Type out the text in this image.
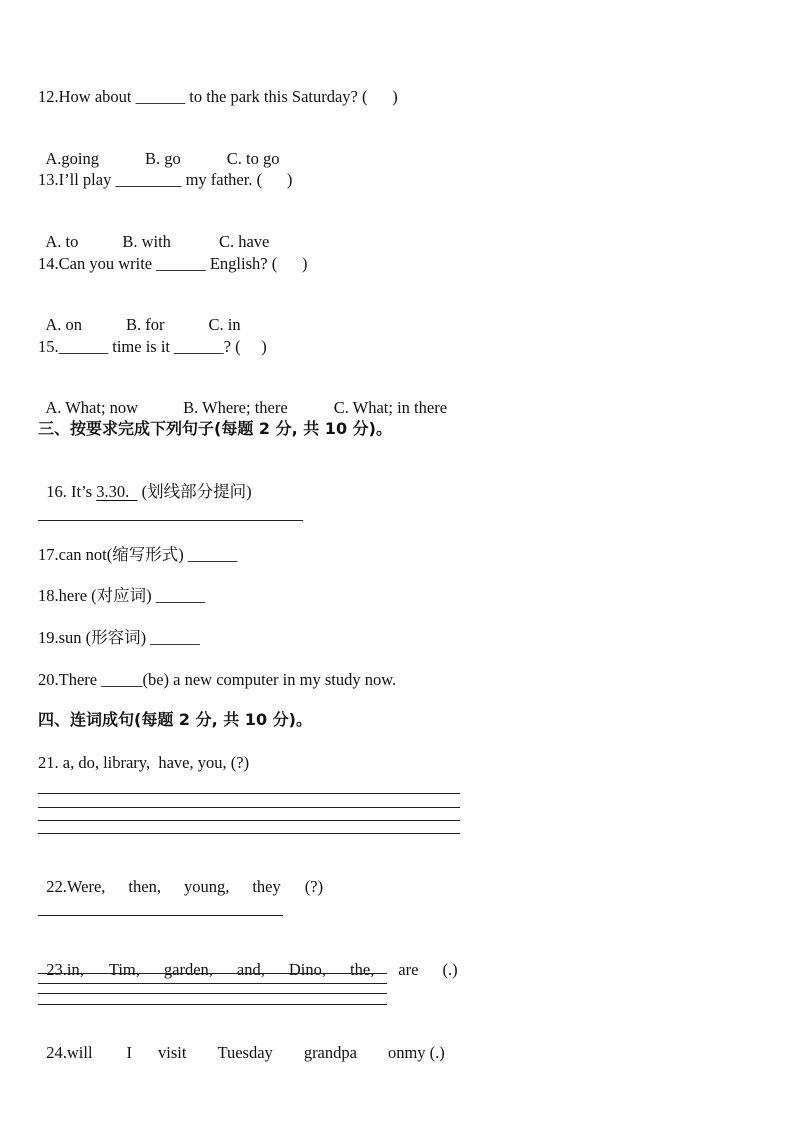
12.How about ______ to the park this Saturday? (      )

A.going	B. go	C. to go

13.I’ll play ________ my father. (      )

A. to	B. with	C. have

14.Can you write ______ English? (      )

A. on	B. for	C. in

15.______ time is it ______? (     )

A. What; now	B. Where; there	C. What; in there

三、按要求完成下列句子(每题 2 分, 共 10 分)。

16. It’s 3.30.   (划线部分提问)

17.can not(缩写形式) ______
18.here (对应词) ______
19.sun (形容词) ______
20.There _____(be) a new computer in my study now.
四、连词成句(每题 2 分, 共 10 分)。
21. a, do, library,  have, you, (?)

22.Were, then, young, they (?)

23.in, Tim, garden, and, Dino, the, are (.)

24.will I visit Tuesday grandpa onmy (.)
